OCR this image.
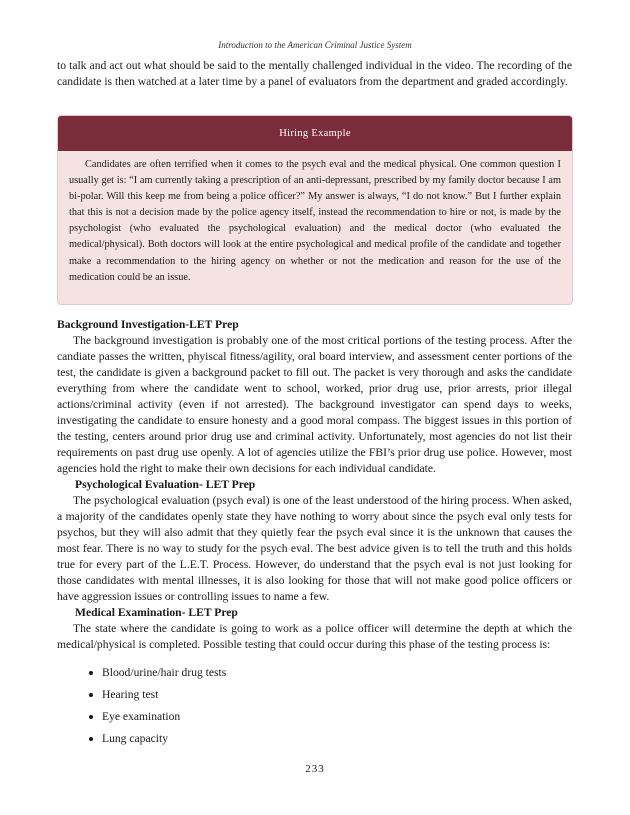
Introduction to the American Criminal Justice System

to talk and act out what should be said to the mentally challenged individual in the video. The recording of the candidate is then watched at a later time by a panel of evaluators from the department and graded accordingly.

Hiring Example

Candidates are often terrified when it comes to the psych eval and the medical physical. One common question I usually get is: “I am currently taking a prescription of an anti-depressant, prescribed by my family doctor because I am bi-polar. Will this keep me from being a police officer?” My answer is always, “I do not know.” But I further explain that this is not a decision made by the police agency itself, instead the recommendation to hire or not, is made by the psychologist (who evaluated the psychological evaluation) and the medical doctor (who evaluated the medical/physical). Both doctors will look at the entire psychological and medical profile of the candidate and together make a recommendation to the hiring agency on whether or not the medication and reason for the use of the medication could be an issue.

Background Investigation-LET Prep

The background investigation is probably one of the most critical portions of the testing process. After the candiate passes the written, phyiscal fitness/agility, oral board interview, and assessment center portions of the test, the candidate is given a background packet to fill out. The packet is very thorough and asks the candidate everything from where the candidate went to school, worked, prior drug use, prior arrests, prior illegal actions/criminal activity (even if not arrested). The background investigator can spend days to weeks, investigating the candidate to ensure honesty and a good moral compass. The biggest issues in this portion of the testing, centers around prior drug use and criminal activity. Unfortunately, most agencies do not list their requirements on past drug use openly. A lot of agencies utilize the FBI’s prior drug use police. However, most agencies hold the right to make their own decisions for each individual candidate.

Psychological Evaluation- LET Prep

The psychological evaluation (psych eval) is one of the least understood of the hiring process. When asked, a majority of the candidates openly state they have nothing to worry about since the psych eval only tests for psychos, but they will also admit that they quietly fear the psych eval since it is the unknown that causes the most fear. There is no way to study for the psych eval. The best advice given is to tell the truth and this holds true for every part of the L.E.T. Process. However, do understand that the psych eval is not just looking for those candidates with mental illnesses, it is also looking for those that will not make good police officers or have aggression issues or controlling issues to name a few.

Medical Examination- LET Prep

The state where the candidate is going to work as a police officer will determine the depth at which the medical/physical is completed. Possible testing that could occur during this phase of the testing process is:

Blood/urine/hair drug tests
Hearing test
Eye examination
Lung capacity
233
